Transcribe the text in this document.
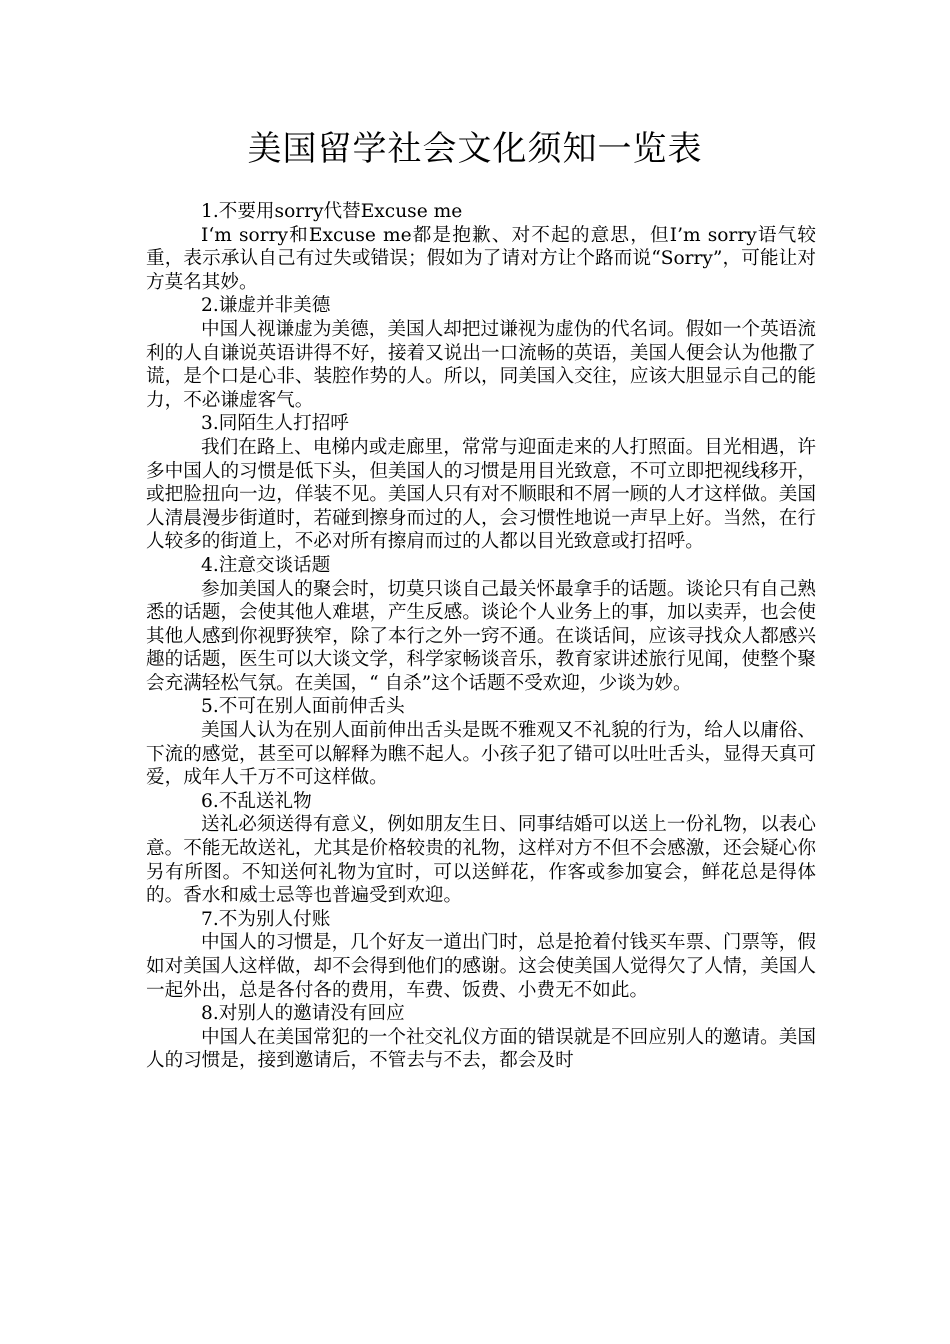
美国留学社会文化须知一览表

1.不要用sorry代替Excuse me

I‘m sorry和Excuse me都是抱歉、对不起的意思，但I’m sorry语气较重，表示承认自己有过失或错误；假如为了请对方让个路而说“Sorry”，可能让对方莫名其妙。

2.谦虚并非美德

中国人视谦虚为美德，美国人却把过谦视为虚伪的代名词。假如一个英语流利的人自谦说英语讲得不好，接着又说出一口流畅的英语，美国人便会认为他撒了谎，是个口是心非、装腔作势的人。所以，同美国入交往，应该大胆显示自己的能力，不必谦虚客气。

3.同陌生人打招呼

我们在路上、电梯内或走廊里，常常与迎面走来的人打照面。目光相遇，许多中国人的习惯是低下头，但美国人的习惯是用目光致意，不可立即把视线移开，或把脸扭向一边，佯装不见。美国人只有对不顺眼和不屑一顾的人才这样做。美国人清晨漫步街道时，若碰到擦身而过的人，会习惯性地说一声早上好。当然，在行人较多的街道上，不必对所有擦肩而过的人都以目光致意或打招呼。

4.注意交谈话题

参加美国人的聚会时，切莫只谈自己最关怀最拿手的话题。谈论只有自己熟悉的话题，会使其他人难堪，产生反感。谈论个人业务上的事，加以卖弄，也会使其他人感到你视野狭窄，除了本行之外一窍不通。在谈话间，应该寻找众人都感兴趣的话题，医生可以大谈文学，科学家畅谈音乐，教育家讲述旅行见闻，使整个聚会充满轻松气氛。在美国，“ 自杀”这个话题不受欢迎，少谈为妙。

5.不可在别人面前伸舌头

美国人认为在别人面前伸出舌头是既不雅观又不礼貌的行为，给人以庸俗、下流的感觉，甚至可以解释为瞧不起人。小孩子犯了错可以吐吐舌头，显得天真可爱，成年人千万不可这样做。

6.不乱送礼物

送礼必须送得有意义，例如朋友生日、同事结婚可以送上一份礼物，以表心意。不能无故送礼，尤其是价格较贵的礼物，这样对方不但不会感激，还会疑心你另有所图。不知送何礼物为宜时，可以送鲜花，作客或参加宴会，鲜花总是得体的。香水和威士忌等也普遍受到欢迎。

7.不为别人付账

中国人的习惯是，几个好友一道出门时，总是抢着付钱买车票、门票等，假如对美国人这样做，却不会得到他们的感谢。这会使美国人觉得欠了人情，美国人一起外出，总是各付各的费用，车费、饭费、小费无不如此。

8.对别人的邀请没有回应

中国人在美国常犯的一个社交礼仪方面的错误就是不回应别人的邀请。美国人的习惯是，接到邀请后，不管去与不去，都会及时
